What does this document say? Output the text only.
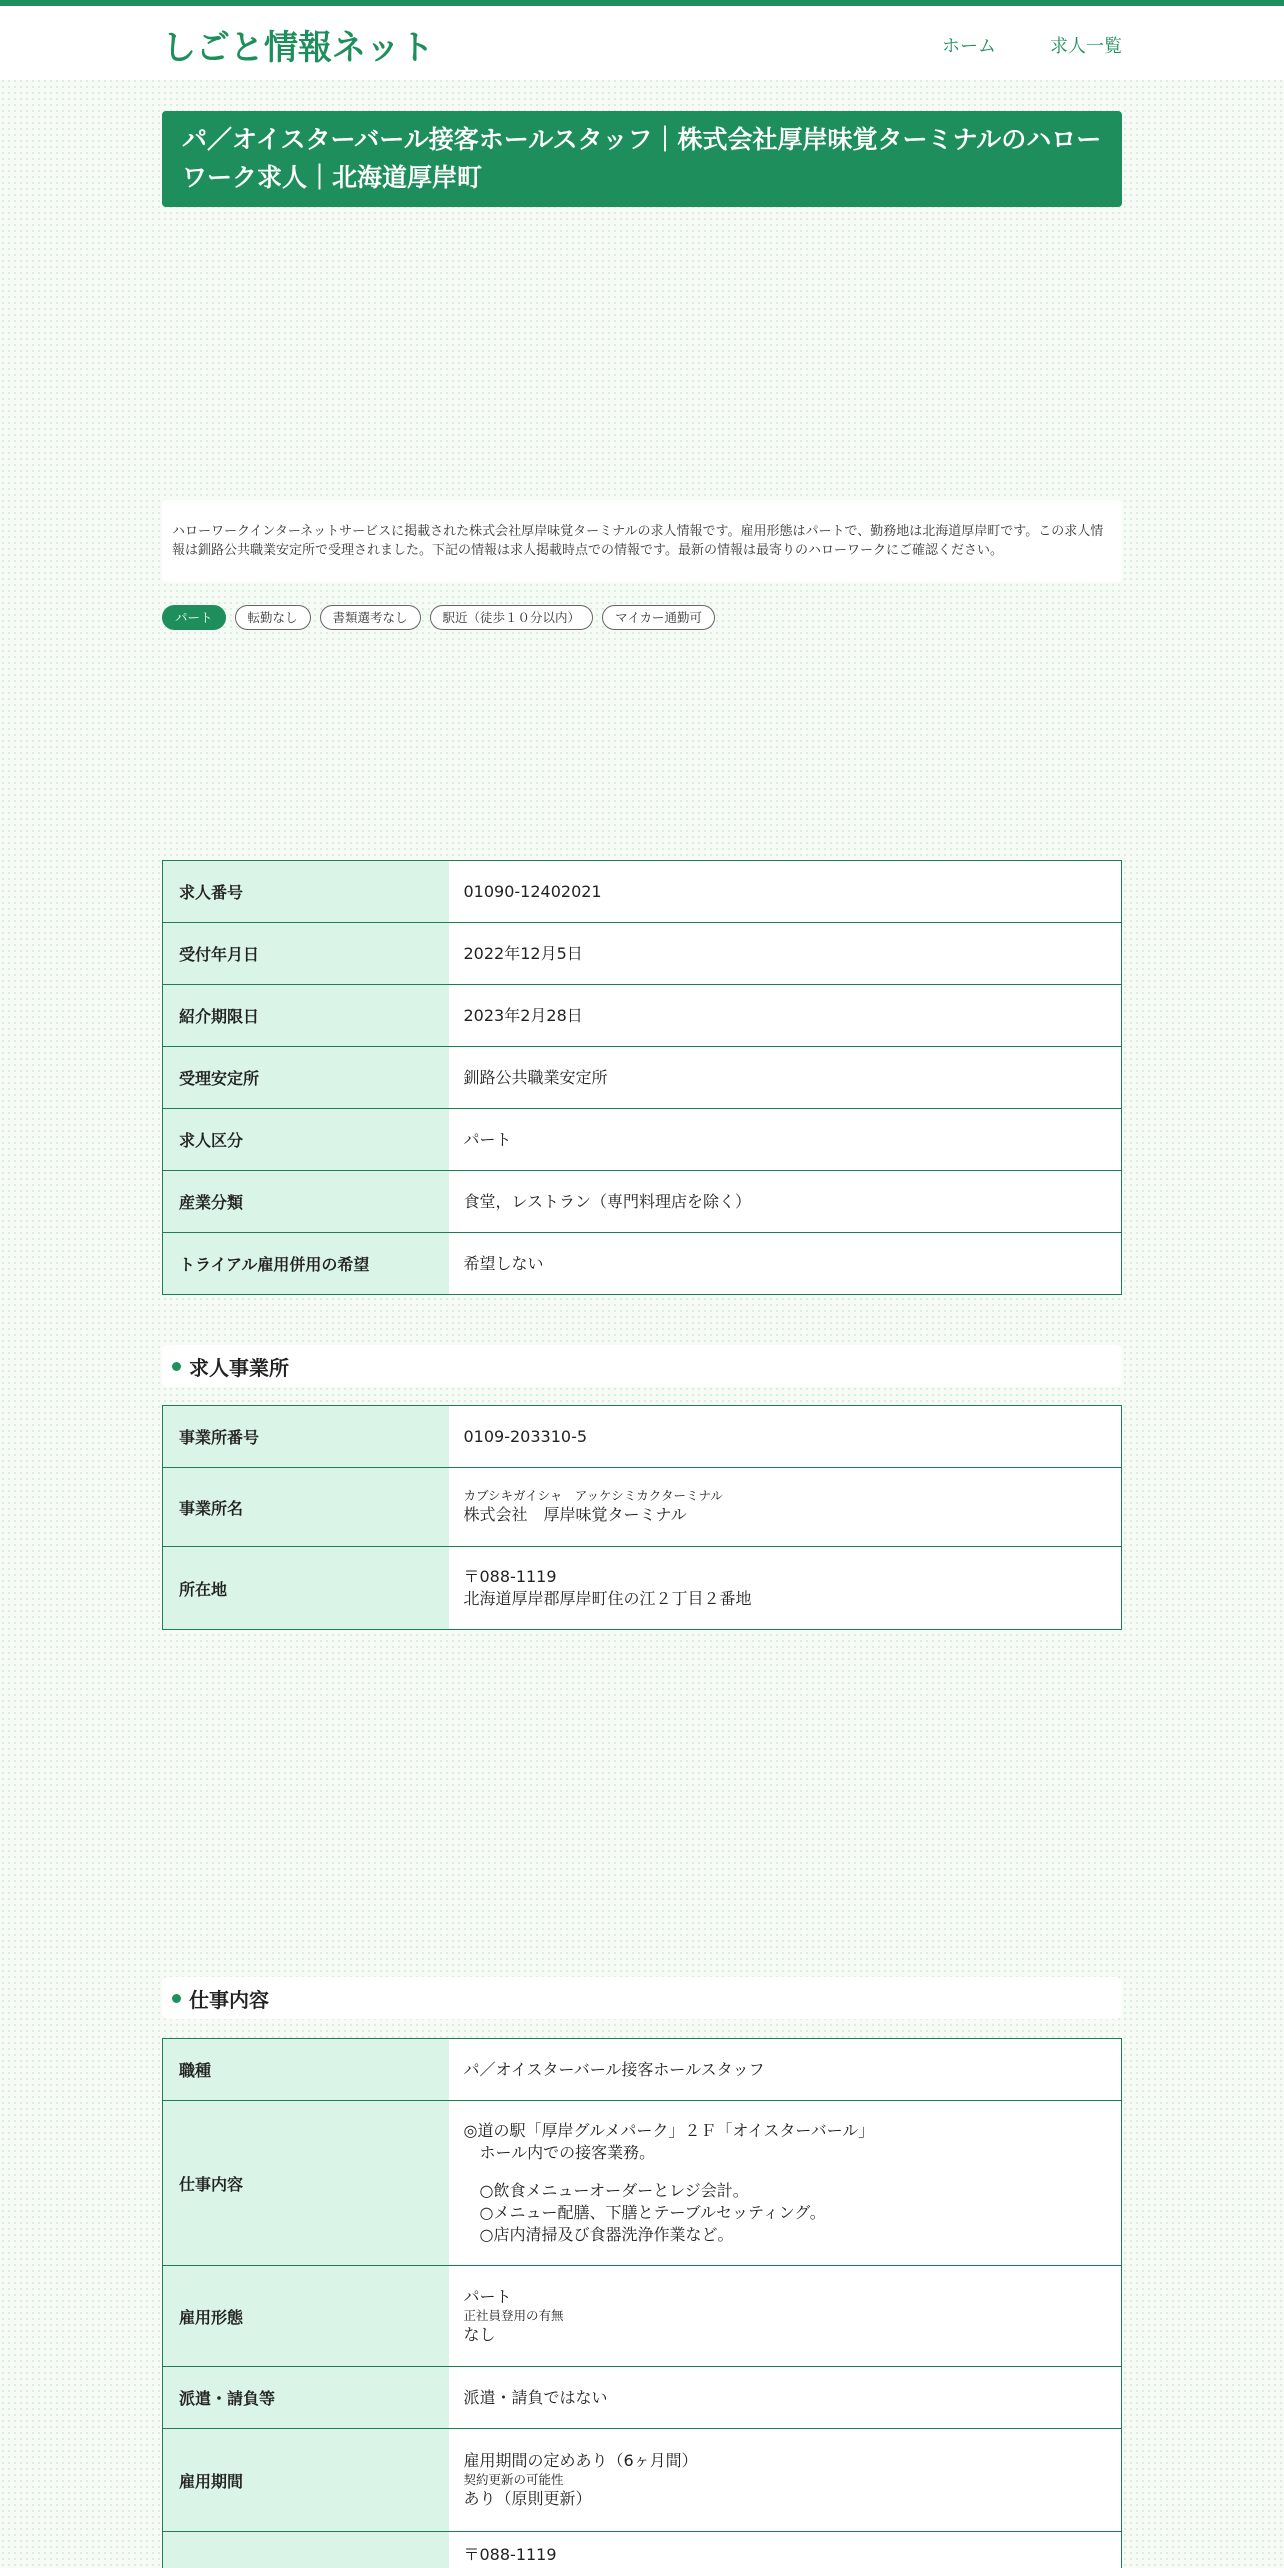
しごと情報ネット	ホーム	求人一覧
パ／オイスターバール接客ホールスタッフ｜株式会社厚岸味覚ターミナルのハローワーク求人｜北海道厚岸町

ハローワークインターネットサービスに掲載された株式会社厚岸味覚ターミナルの求人情報です。雇用形態はパートで、勤務地は北海道厚岸町です。この求人情報は釧路公共職業安定所で受理されました。下記の情報は求人掲載時点での情報です。最新の情報は最寄りのハローワークにご確認ください。

パート	転勤なし	書類選考なし	駅近（徒歩１０分以内）	マイカー通勤可
求人番号	01090-12402021
受付年月日	2022年12月5日
紹介期限日	2023年2月28日
受理安定所	釧路公共職業安定所
求人区分	パート
産業分類	食堂，レストラン（専門料理店を除く）
トライアル雇用併用の希望	希望しない
求人事業所
事業所番号	0109-203310-5
事業所名	カブシキガイシャ　アッケシミカクターミナル
株式会社　厚岸味覚ターミナル
所在地	〒088-1119
北海道厚岸郡厚岸町住の江２丁目２番地
仕事内容
職種	パ／オイスターバール接客ホールスタッフ
仕事内容	◎道の駅「厚岸グルメパーク」２Ｆ「オイスターバール」
ホール内での接客業務。
○飲食メニューオーダーとレジ会計。
○メニュー配膳、下膳とテーブルセッティング。
○店内清掃及び食器洗浄作業など。

雇用形態	パート
正社員登用の有無
なし

派遣・請負等	派遣・請負ではない
雇用期間	雇用期間の定めあり（6ヶ月間）
契約更新の可能性
あり（原則更新）

	〒088-1119
